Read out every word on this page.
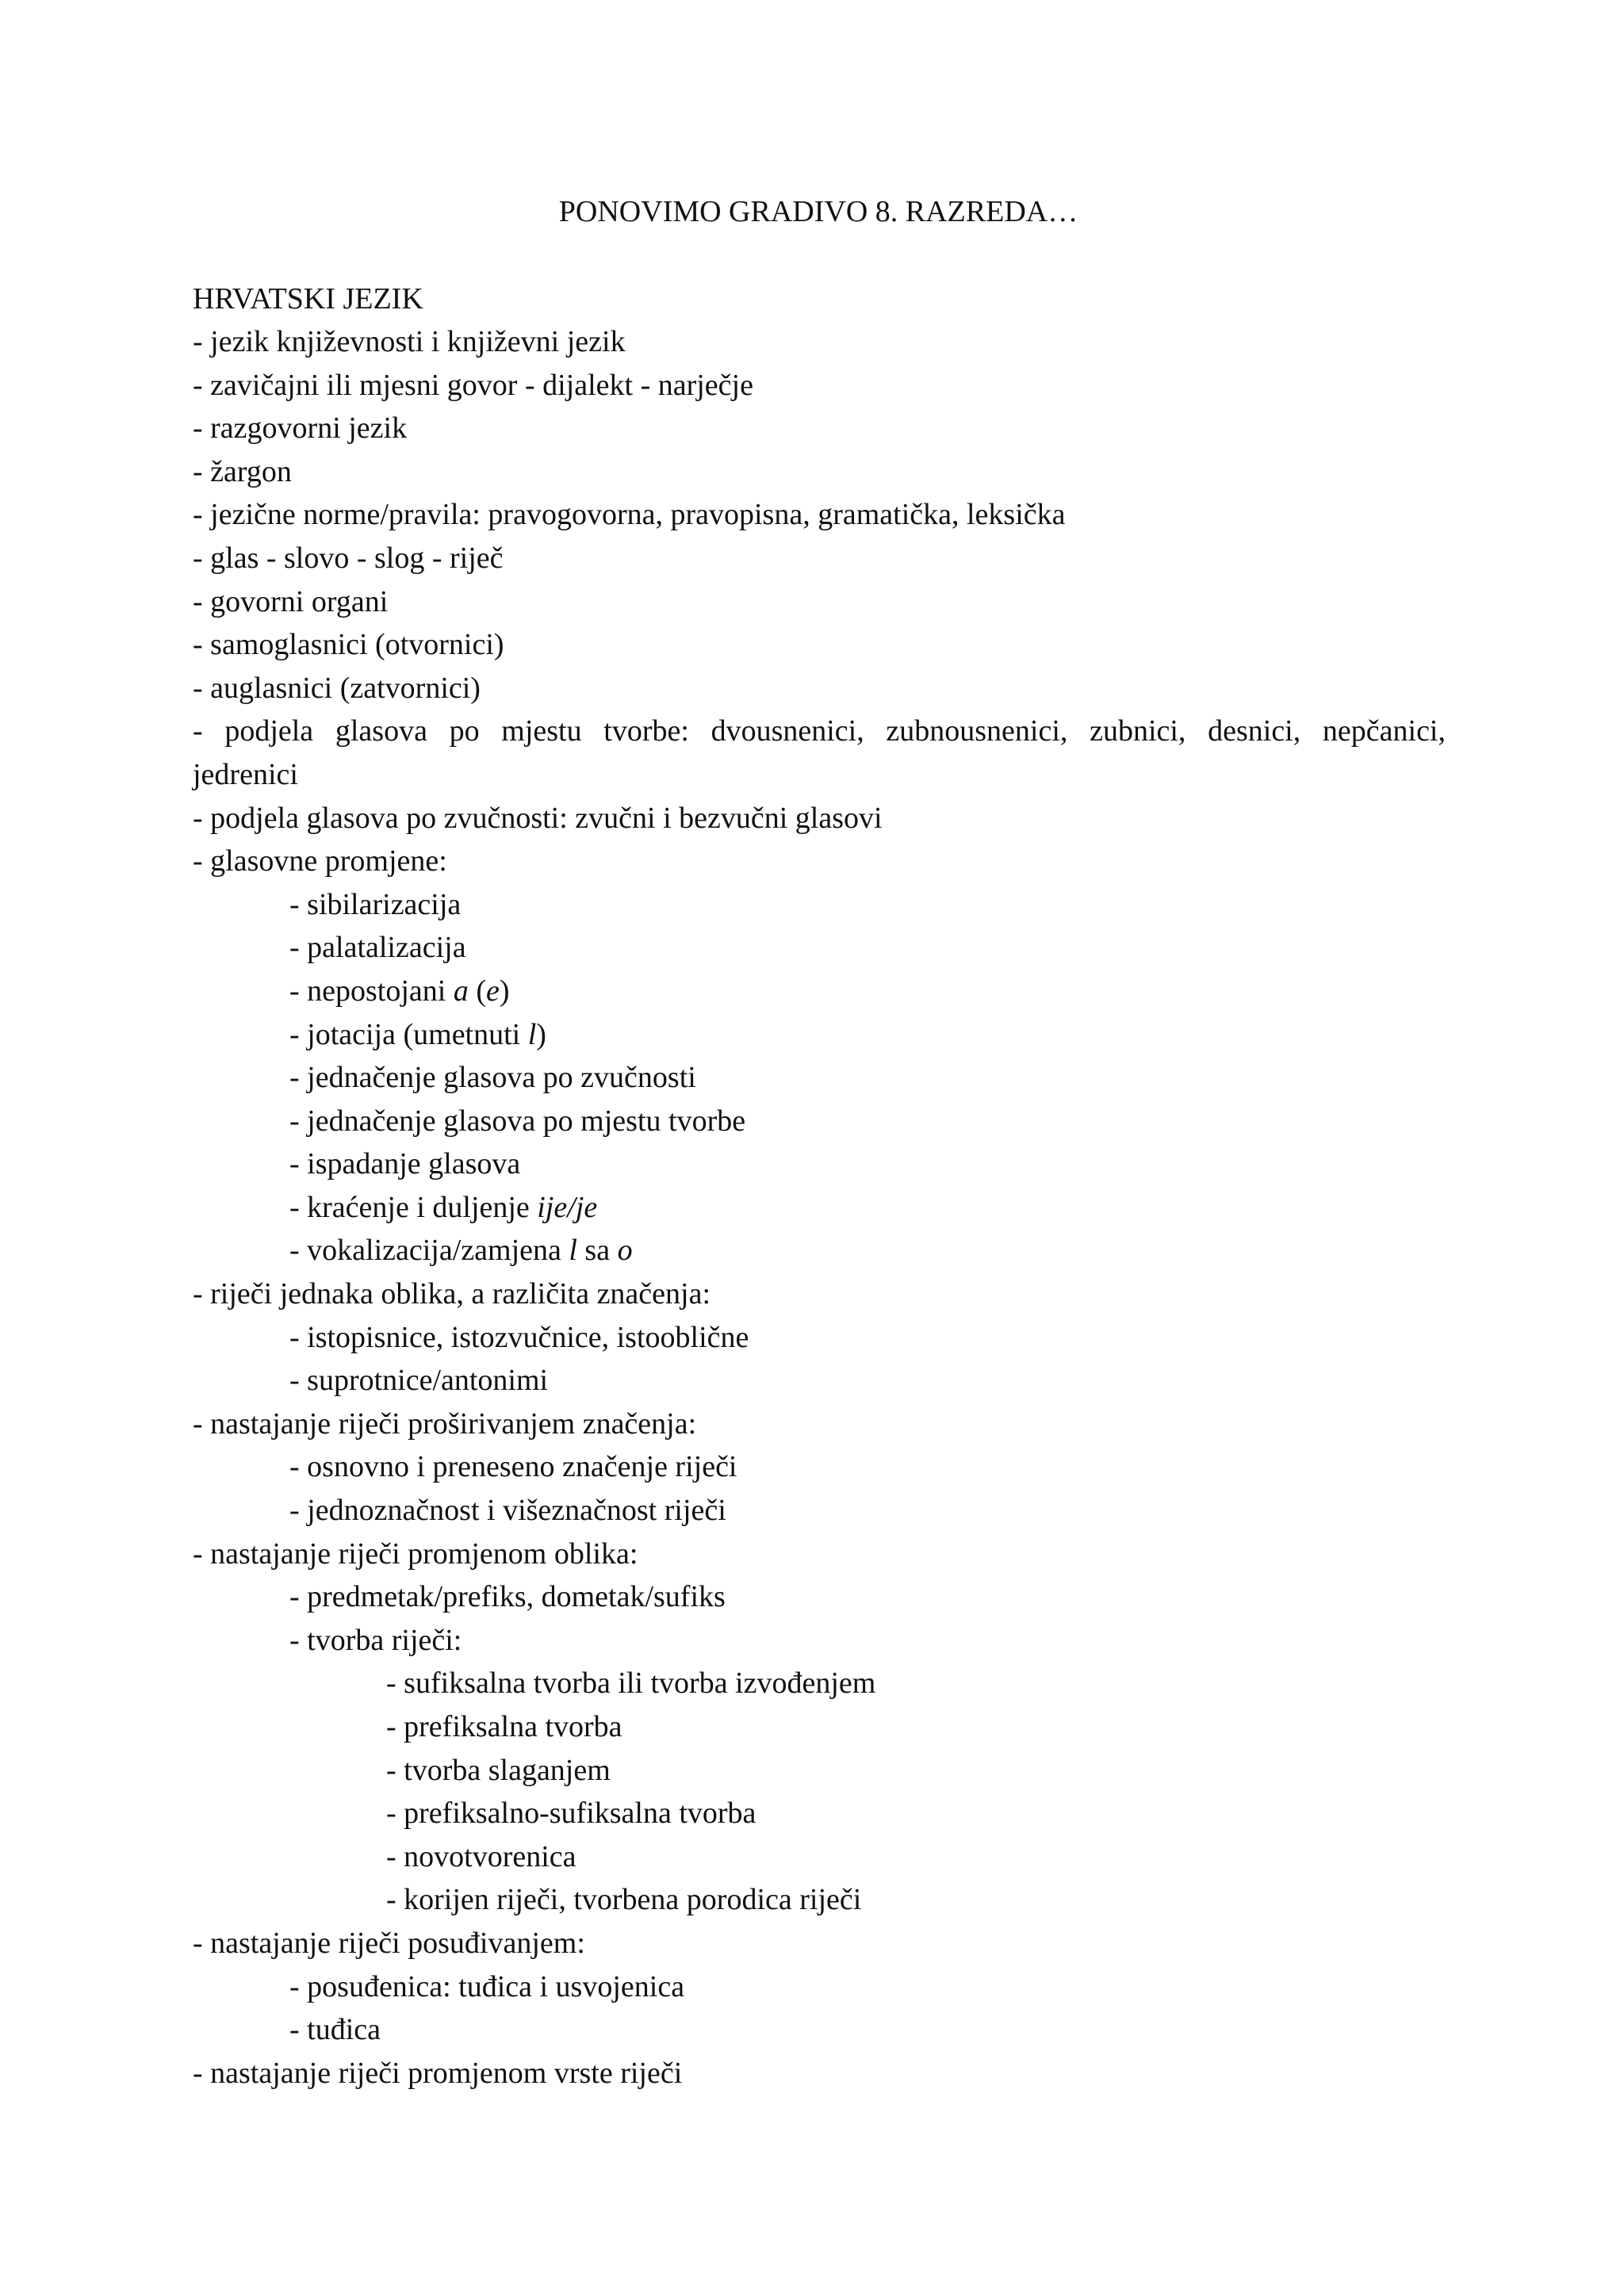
PONOVIMO GRADIVO 8. RAZREDA…
HRVATSKI JEZIK
- jezik književnosti i književni jezik
- zavičajni ili mjesni govor - dijalekt - narječje
- razgovorni jezik
- žargon
- jezične norme/pravila: pravogovorna, pravopisna, gramatička, leksička
- glas - slovo - slog - riječ
- govorni organi
- samoglasnici (otvornici)
- auglasnici (zatvornici)
- podjela glasova po mjestu tvorbe: dvousnenici, zubnousnenici, zubnici, desnici, nepčanici,
jedrenici
- podjela glasova po zvučnosti: zvučni i bezvučni glasovi
- glasovne promjene:
- sibilarizacija
- palatalizacija
- nepostojani a (e)
- jotacija (umetnuti l)
- jednačenje glasova po zvučnosti
- jednačenje glasova po mjestu tvorbe
- ispadanje glasova
- kraćenje i duljenje ije/je
- vokalizacija/zamjena l sa o
- riječi jednaka oblika, a različita značenja:
- istopisnice, istozvučnice, istooblične
- suprotnice/antonimi
- nastajanje riječi proširivanjem značenja:
- osnovno i preneseno značenje riječi
- jednoznačnost i višeznačnost riječi
- nastajanje riječi promjenom oblika:
- predmetak/prefiks, dometak/sufiks
- tvorba riječi:
- sufiksalna tvorba ili tvorba izvođenjem
- prefiksalna tvorba
- tvorba slaganjem
- prefiksalno-sufiksalna tvorba
- novotvorenica
- korijen riječi, tvorbena porodica riječi
- nastajanje riječi posuđivanjem:
- posuđenica: tuđica i usvojenica
- tuđica
- nastajanje riječi promjenom vrste riječi
